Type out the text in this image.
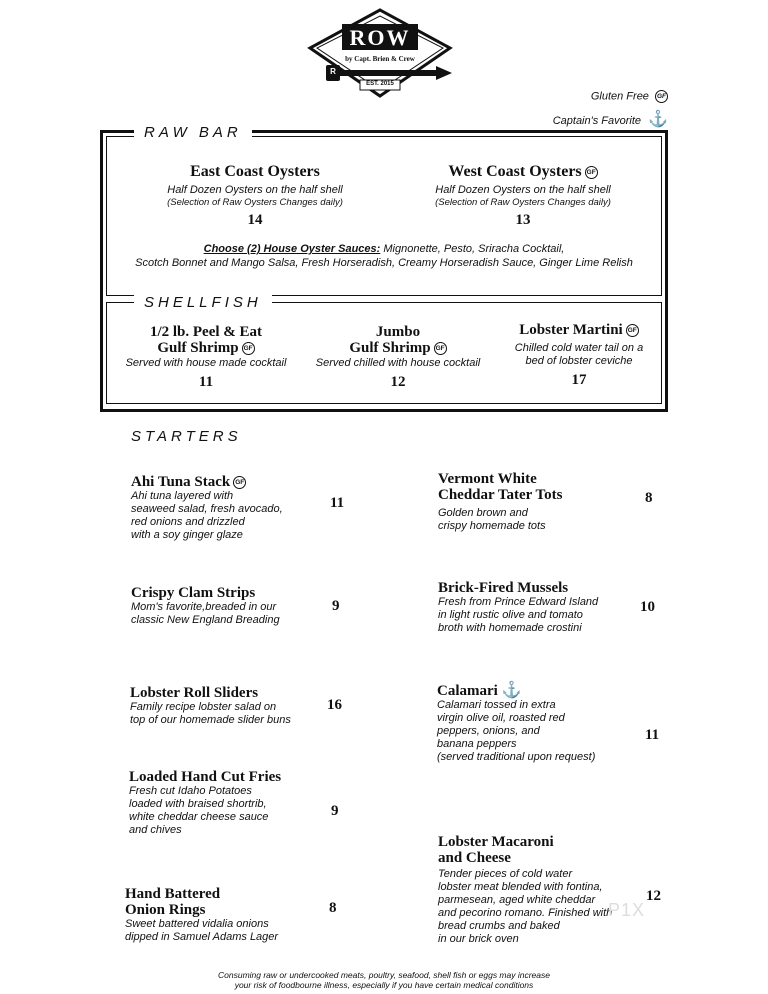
ROW
by Capt. Brien & Crew
R
EST. 2015
Gluten Free GF
Captain's Favorite ⚓
RAW BAR
East Coast Oysters
Half Dozen Oysters on the half shell
(Selection of Raw Oysters Changes daily)
14
West Coast Oysters GF
Half Dozen Oysters on the half shell
(Selection of Raw Oysters Changes daily)
13
Choose (2) House Oyster Sauces: Mignonette, Pesto, Sriracha Cocktail,
Scotch Bonnet and Mango Salsa, Fresh Horseradish, Creamy Horseradish Sauce, Ginger Lime Relish
SHELLFISH
1/2 lb. Peel & Eat
Gulf Shrimp GF
Served with house made cocktail
11
Jumbo
Gulf Shrimp GF
Served chilled with house cocktail
12
Lobster Martini GF
Chilled cold water tail on a
bed of lobster ceviche
17
STARTERS
Ahi Tuna Stack GF
Ahi tuna layered with
seaweed salad, fresh avocado,
red onions and drizzled
with a soy ginger glaze
11
Crispy Clam Strips
Mom's favorite,breaded in our
classic New England Breading
9
Lobster Roll Sliders
Family recipe lobster salad on
top of our homemade slider buns
16
Loaded Hand Cut Fries
Fresh cut Idaho Potatoes
loaded with braised shortrib,
white cheddar cheese sauce
and chives
9
Hand Battered
Onion Rings
Sweet battered vidalia onions
dipped in Samuel Adams Lager
8
Vermont White
Cheddar Tater Tots
Golden brown and
crispy homemade tots
8
Brick-Fired Mussels
Fresh from Prince Edward Island
in light rustic olive and tomato
broth with homemade crostini
10
Calamari ⚓
Calamari tossed in extra
virgin olive oil, roasted red
peppers, onions, and
banana peppers
(served traditional upon request)
11
Lobster Macaroni
and Cheese
Tender pieces of cold water
lobster meat blended with fontina,
parmesean, aged white cheddar
and pecorino romano. Finished with
bread crumbs and baked
in our brick oven
12
P1X
Consuming raw or undercooked meats, poultry, seafood, shell fish or eggs may increase
your risk of foodbourne illness, especially if you have certain medical conditions
